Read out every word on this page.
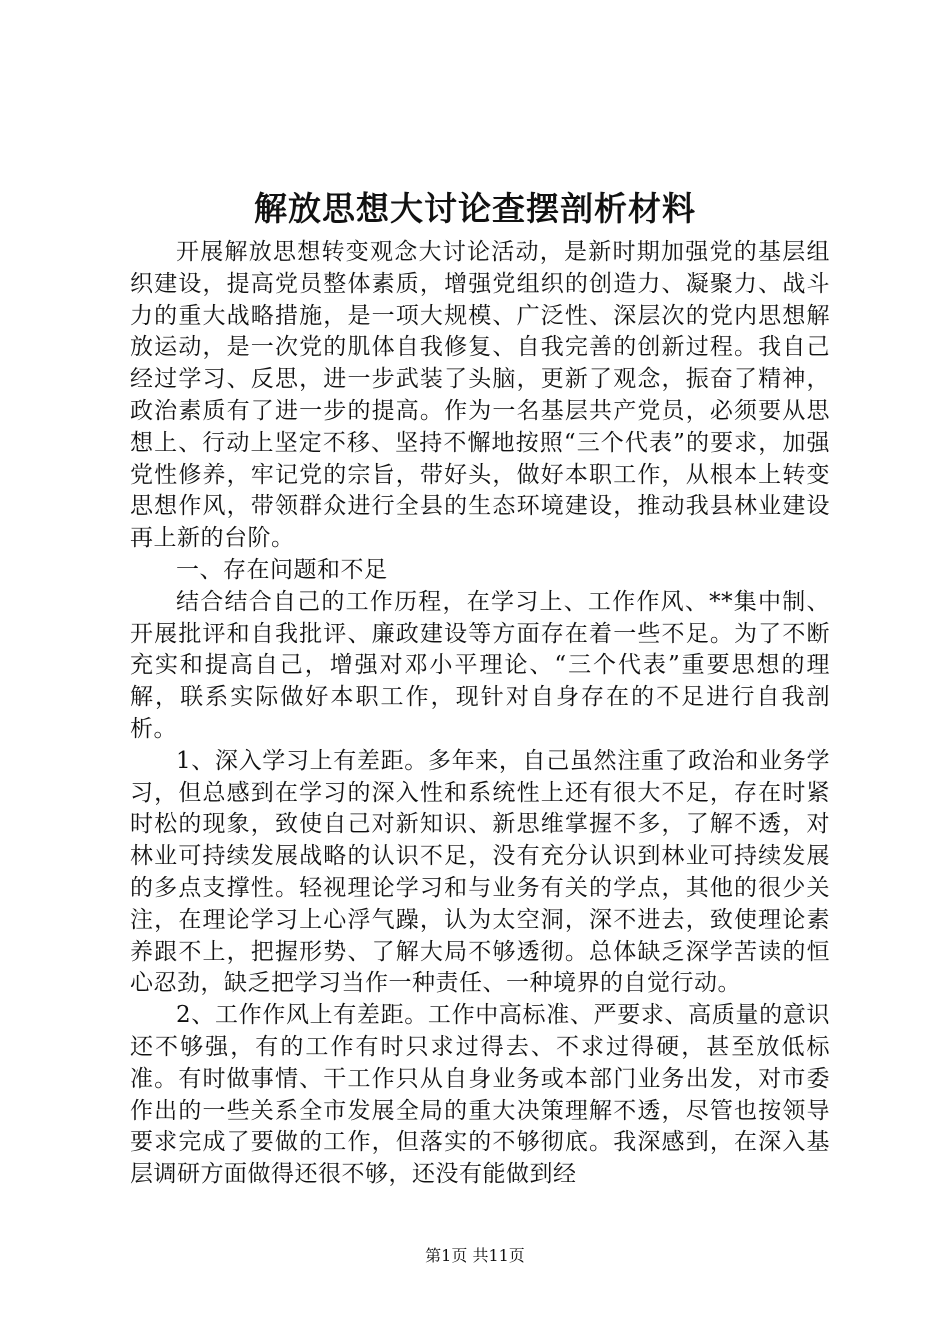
解放思想大讨论查摆剖析材料

开展解放思想转变观念大讨论活动，是新时期加强党的基层组织建设，提高党员整体素质，增强党组织的创造力、凝聚力、战斗力的重大战略措施，是一项大规模、广泛性、深层次的党内思想解放运动，是一次党的肌体自我修复、自我完善的创新过程。我自己经过学习、反思，进一步武装了头脑，更新了观念，振奋了精神，政治素质有了进一步的提高。作为一名基层共产党员，必须要从思想上、行动上坚定不移、坚持不懈地按照“三个代表”的要求，加强党性修养，牢记党的宗旨，带好头，做好本职工作，从根本上转变思想作风，带领群众进行全县的生态环境建设，推动我县林业建设再上新的台阶。

一、存在问题和不足

结合结合自己的工作历程，在学习上、工作作风、**集中制、开展批评和自我批评、廉政建设等方面存在着一些不足。为了不断充实和提高自己，增强对邓小平理论、“三个代表”重要思想的理解，联系实际做好本职工作，现针对自身存在的不足进行自我剖析。

1、深入学习上有差距。多年来，自己虽然注重了政治和业务学习，但总感到在学习的深入性和系统性上还有很大不足，存在时紧时松的现象，致使自己对新知识、新思维掌握不多，了解不透，对林业可持续发展战略的认识不足，没有充分认识到林业可持续发展的多点支撑性。轻视理论学习和与业务有关的学点，其他的很少关注，在理论学习上心浮气躁，认为太空洞，深不进去，致使理论素养跟不上，把握形势、了解大局不够透彻。总体缺乏深学苦读的恒心忍劲，缺乏把学习当作一种责任、一种境界的自觉行动。

2、工作作风上有差距。工作中高标准、严要求、高质量的意识还不够强，有的工作有时只求过得去、不求过得硬，甚至放低标准。有时做事情、干工作只从自身业务或本部门业务出发，对市委作出的一些关系全市发展全局的重大决策理解不透，尽管也按领导要求完成了要做的工作，但落实的不够彻底。我深感到，在深入基层调研方面做得还很不够，还没有能做到经

第1页 共11页
